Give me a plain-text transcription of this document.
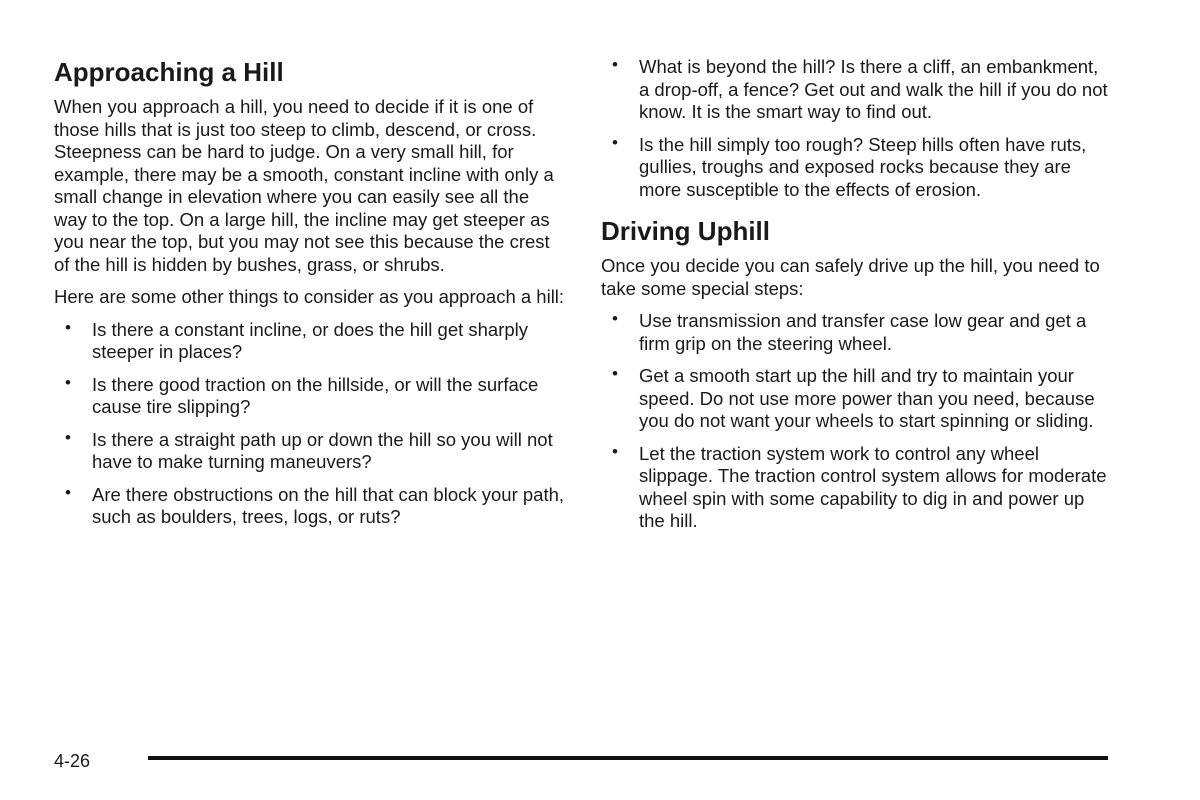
Approaching a Hill

When you approach a hill, you need to decide if it is one of those hills that is just too steep to climb, descend, or cross. Steepness can be hard to judge. On a very small hill, for example, there may be a smooth, constant incline with only a small change in elevation where you can easily see all the way to the top. On a large hill, the incline may get steeper as you near the top, but you may not see this because the crest of the hill is hidden by bushes, grass, or shrubs.

Here are some other things to consider as you approach a hill:

• Is there a constant incline, or does the hill get sharply steeper in places?
• Is there good traction on the hillside, or will the surface cause tire slipping?
• Is there a straight path up or down the hill so you will not have to make turning maneuvers?
• Are there obstructions on the hill that can block your path, such as boulders, trees, logs, or ruts?
• What is beyond the hill? Is there a cliff, an embankment, a drop-off, a fence? Get out and walk the hill if you do not know. It is the smart way to find out.
• Is the hill simply too rough? Steep hills often have ruts, gullies, troughs and exposed rocks because they are more susceptible to the effects of erosion.
Driving Uphill

Once you decide you can safely drive up the hill, you need to take some special steps:

• Use transmission and transfer case low gear and get a firm grip on the steering wheel.
• Get a smooth start up the hill and try to maintain your speed. Do not use more power than you need, because you do not want your wheels to start spinning or sliding.
• Let the traction system work to control any wheel slippage. The traction control system allows for moderate wheel spin with some capability to dig in and power up the hill.
4-26
